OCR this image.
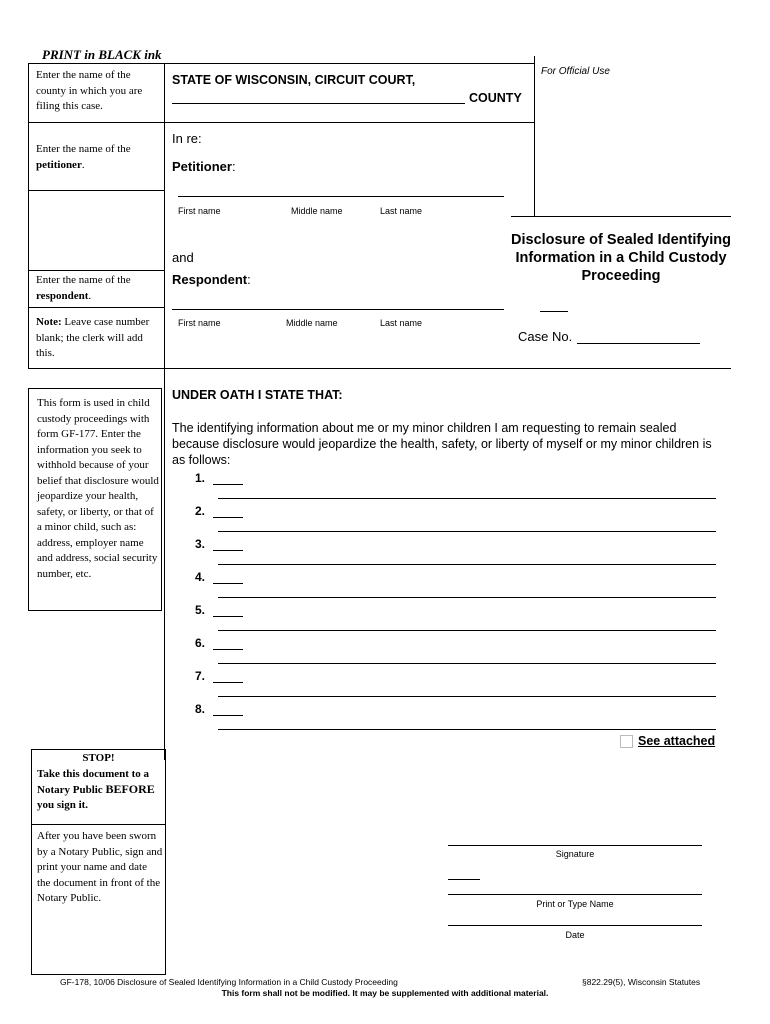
PRINT in BLACK ink
Enter the name of the county in which you are filing this case.
Enter the name of the petitioner.
Enter the name of the respondent.
Note: Leave case number blank; the clerk will add this.
STATE OF WISCONSIN, CIRCUIT COURT,
COUNTY
For Official Use
In re:
Petitioner:
First name	Middle name	Last name
and
Respondent:
First name	Middle name	Last name
Disclosure of Sealed Identifying Information in a Child Custody Proceeding
Case No.
This form is used in child custody proceedings with form GF-177. Enter the information you seek to withhold because of your belief that disclosure would jeopardize your health, safety, or liberty, or that of a minor child, such as: address, employer name and address, social security number, etc.
UNDER OATH I STATE THAT:
The identifying information about me or my minor children I am requesting to remain sealed because disclosure would jeopardize the health, safety, or liberty of myself or my minor children is as follows:
1.
2.
3.
4.
5.
6.
7.
8.
See attached
STOP!
Take this document to a Notary Public BEFORE you sign it.
After you have been sworn by a Notary Public, sign and print your name and date the document in front of the Notary Public.
Signature
Print or Type Name
Date
GF-178, 10/06 Disclosure of Sealed Identifying Information in a Child Custody Proceeding	§822.29(5), Wisconsin Statutes
This form shall not be modified. It may be supplemented with additional material.
